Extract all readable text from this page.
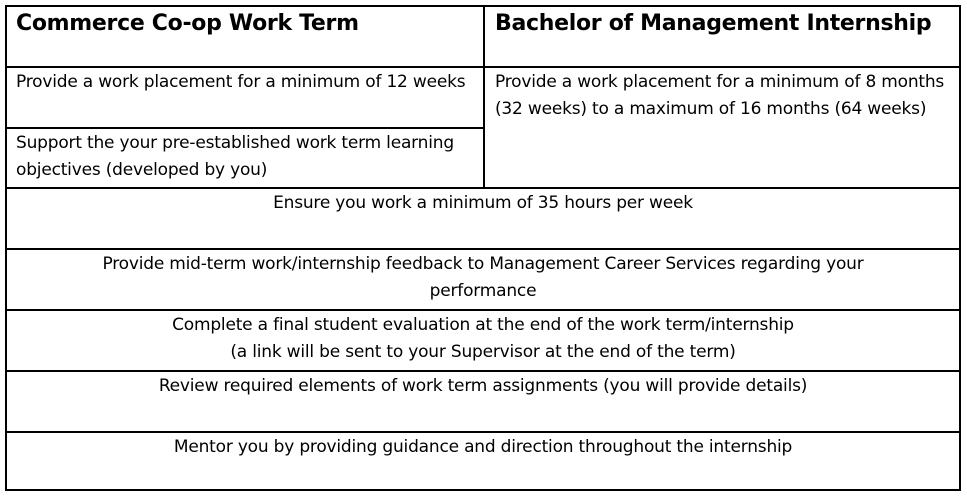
Commerce Co-op Work Term	Bachelor of Management Internship
Provide a work placement for a minimum of 12 weeks
Support the your pre-established work term learning objectives (developed by you)
Provide a work placement for a minimum of 8 months (32 weeks) to a maximum of 16 months (64 weeks)
Ensure you work a minimum of 35 hours per week
Provide mid-term work/internship feedback to Management Career Services regarding your
performance
Complete a final student evaluation at the end of the work term/internship
(a link will be sent to your Supervisor at the end of the term)
Review required elements of work term assignments (you will provide details)
Mentor you by providing guidance and direction throughout the internship
